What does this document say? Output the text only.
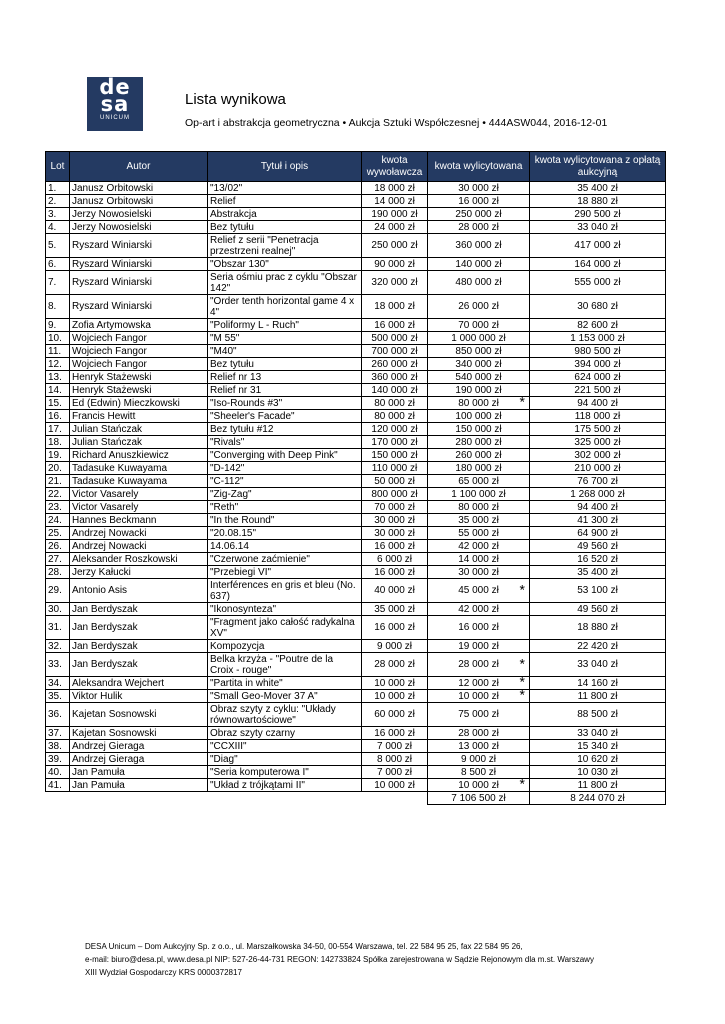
de
sa
UNICUM
Lista wynikowa
Op-art i abstrakcja geometryczna • Aukcja Sztuki Współczesnej • 444ASW044, 2016-12-01
Lot	Autor	Tytuł i opis	kwota wywoławcza	kwota wylicytowana	kwota wylicytowana z opłatą aukcyjną
1.	Janusz Orbitowski	"13/02"	18 000 zł	30 000 zł	35 400 zł
2.	Janusz Orbitowski	Relief	14 000 zł	16 000 zł	18 880 zł
3.	Jerzy Nowosielski	Abstrakcja	190 000 zł	250 000 zł	290 500 zł
4.	Jerzy Nowosielski	Bez tytułu	24 000 zł	28 000 zł	33 040 zł
5.	Ryszard Winiarski	Relief z serii "Penetracja przestrzeni realnej"	250 000 zł	360 000 zł	417 000 zł
6.	Ryszard Winiarski	"Obszar 130"	90 000 zł	140 000 zł	164 000 zł
7.	Ryszard Winiarski	Seria ośmiu prac z cyklu "Obszar 142"	320 000 zł	480 000 zł	555 000 zł
8.	Ryszard Winiarski	"Order tenth horizontal game 4 x 4"	18 000 zł	26 000 zł	30 680 zł
9.	Zofia Artymowska	"Poliformy L - Ruch"	16 000 zł	70 000 zł	82 600 zł
10.	Wojciech Fangor	"M 55"	500 000 zł	1 000 000 zł	1 153 000 zł
11.	Wojciech Fangor	"M40"	700 000 zł	850 000 zł	980 500 zł
12.	Wojciech Fangor	Bez tytułu	260 000 zł	340 000 zł	394 000 zł
13.	Henryk Stażewski	Relief nr 13	360 000 zł	540 000 zł	624 000 zł
14.	Henryk Stażewski	Relief nr 31	140 000 zł	190 000 zł	221 500 zł
15.	Ed (Edwin) Mieczkowski	"Iso-Rounds #3"	80 000 zł	80 000 zł *	94 400 zł
16.	Francis Hewitt	"Sheeler's Facade"	80 000 zł	100 000 zł	118 000 zł
17.	Julian Stańczak	Bez tytułu #12	120 000 zł	150 000 zł	175 500 zł
18.	Julian Stańczak	"Rivals"	170 000 zł	280 000 zł	325 000 zł
19.	Richard Anuszkiewicz	"Converging with Deep Pink"	150 000 zł	260 000 zł	302 000 zł
20.	Tadasuke Kuwayama	"D-142"	110 000 zł	180 000 zł	210 000 zł
21.	Tadasuke Kuwayama	"C-112"	50 000 zł	65 000 zł	76 700 zł
22.	Victor Vasarely	"Zig-Zag"	800 000 zł	1 100 000 zł	1 268 000 zł
23.	Victor Vasarely	"Reth"	70 000 zł	80 000 zł	94 400 zł
24.	Hannes Beckmann	"In the Round"	30 000 zł	35 000 zł	41 300 zł
25.	Andrzej Nowacki	"20.08.15"	30 000 zł	55 000 zł	64 900 zł
26.	Andrzej Nowacki	14.06.14	16 000 zł	42 000 zł	49 560 zł
27.	Aleksander Roszkowski	"Czerwone zaćmienie"	6 000 zł	14 000 zł	16 520 zł
28.	Jerzy Kałucki	"Przebiegi VI"	16 000 zł	30 000 zł	35 400 zł
29.	Antonio Asis	Interférences en gris et bleu (No. 637)	40 000 zł	45 000 zł *	53 100 zł
30.	Jan Berdyszak	"Ikonosynteza"	35 000 zł	42 000 zł	49 560 zł
31.	Jan Berdyszak	"Fragment jako całość radykalna XV"	16 000 zł	16 000 zł	18 880 zł
32.	Jan Berdyszak	Kompozycja	9 000 zł	19 000 zł	22 420 zł
33.	Jan Berdyszak	Belka krzyża - "Poutre de la Croix - rouge"	28 000 zł	28 000 zł *	33 040 zł
34.	Aleksandra Wejchert	"Partita in white"	10 000 zł	12 000 zł *	14 160 zł
35.	Viktor Hulik	"Small Geo-Mover 37 A"	10 000 zł	10 000 zł *	11 800 zł
36.	Kajetan Sosnowski	Obraz szyty z cyklu: "Układy równowartościowe"	60 000 zł	75 000 zł	88 500 zł
37.	Kajetan Sosnowski	Obraz szyty czarny	16 000 zł	28 000 zł	33 040 zł
38.	Andrzej Gieraga	"CCXIII"	7 000 zł	13 000 zł	15 340 zł
39.	Andrzej Gieraga	"Diag"	8 000 zł	9 000 zł	10 620 zł
40.	Jan Pamuła	"Seria komputerowa I"	7 000 zł	8 500 zł	10 030 zł
41.	Jan Pamuła	"Układ z trójkątami II"	10 000 zł	10 000 zł *	11 800 zł
				7 106 500 zł	8 244 070 zł
DESA Unicum – Dom Aukcyjny Sp. z o.o., ul. Marszałkowska 34-50, 00-554 Warszawa, tel. 22 584 95 25, fax 22 584 95 26,
e-mail: biuro@desa.pl, www.desa.pl NIP: 527-26-44-731 REGON: 142733824 Spółka zarejestrowana w Sądzie Rejonowym dla m.st. Warszawy
XIII Wydział Gospodarczy KRS 0000372817
